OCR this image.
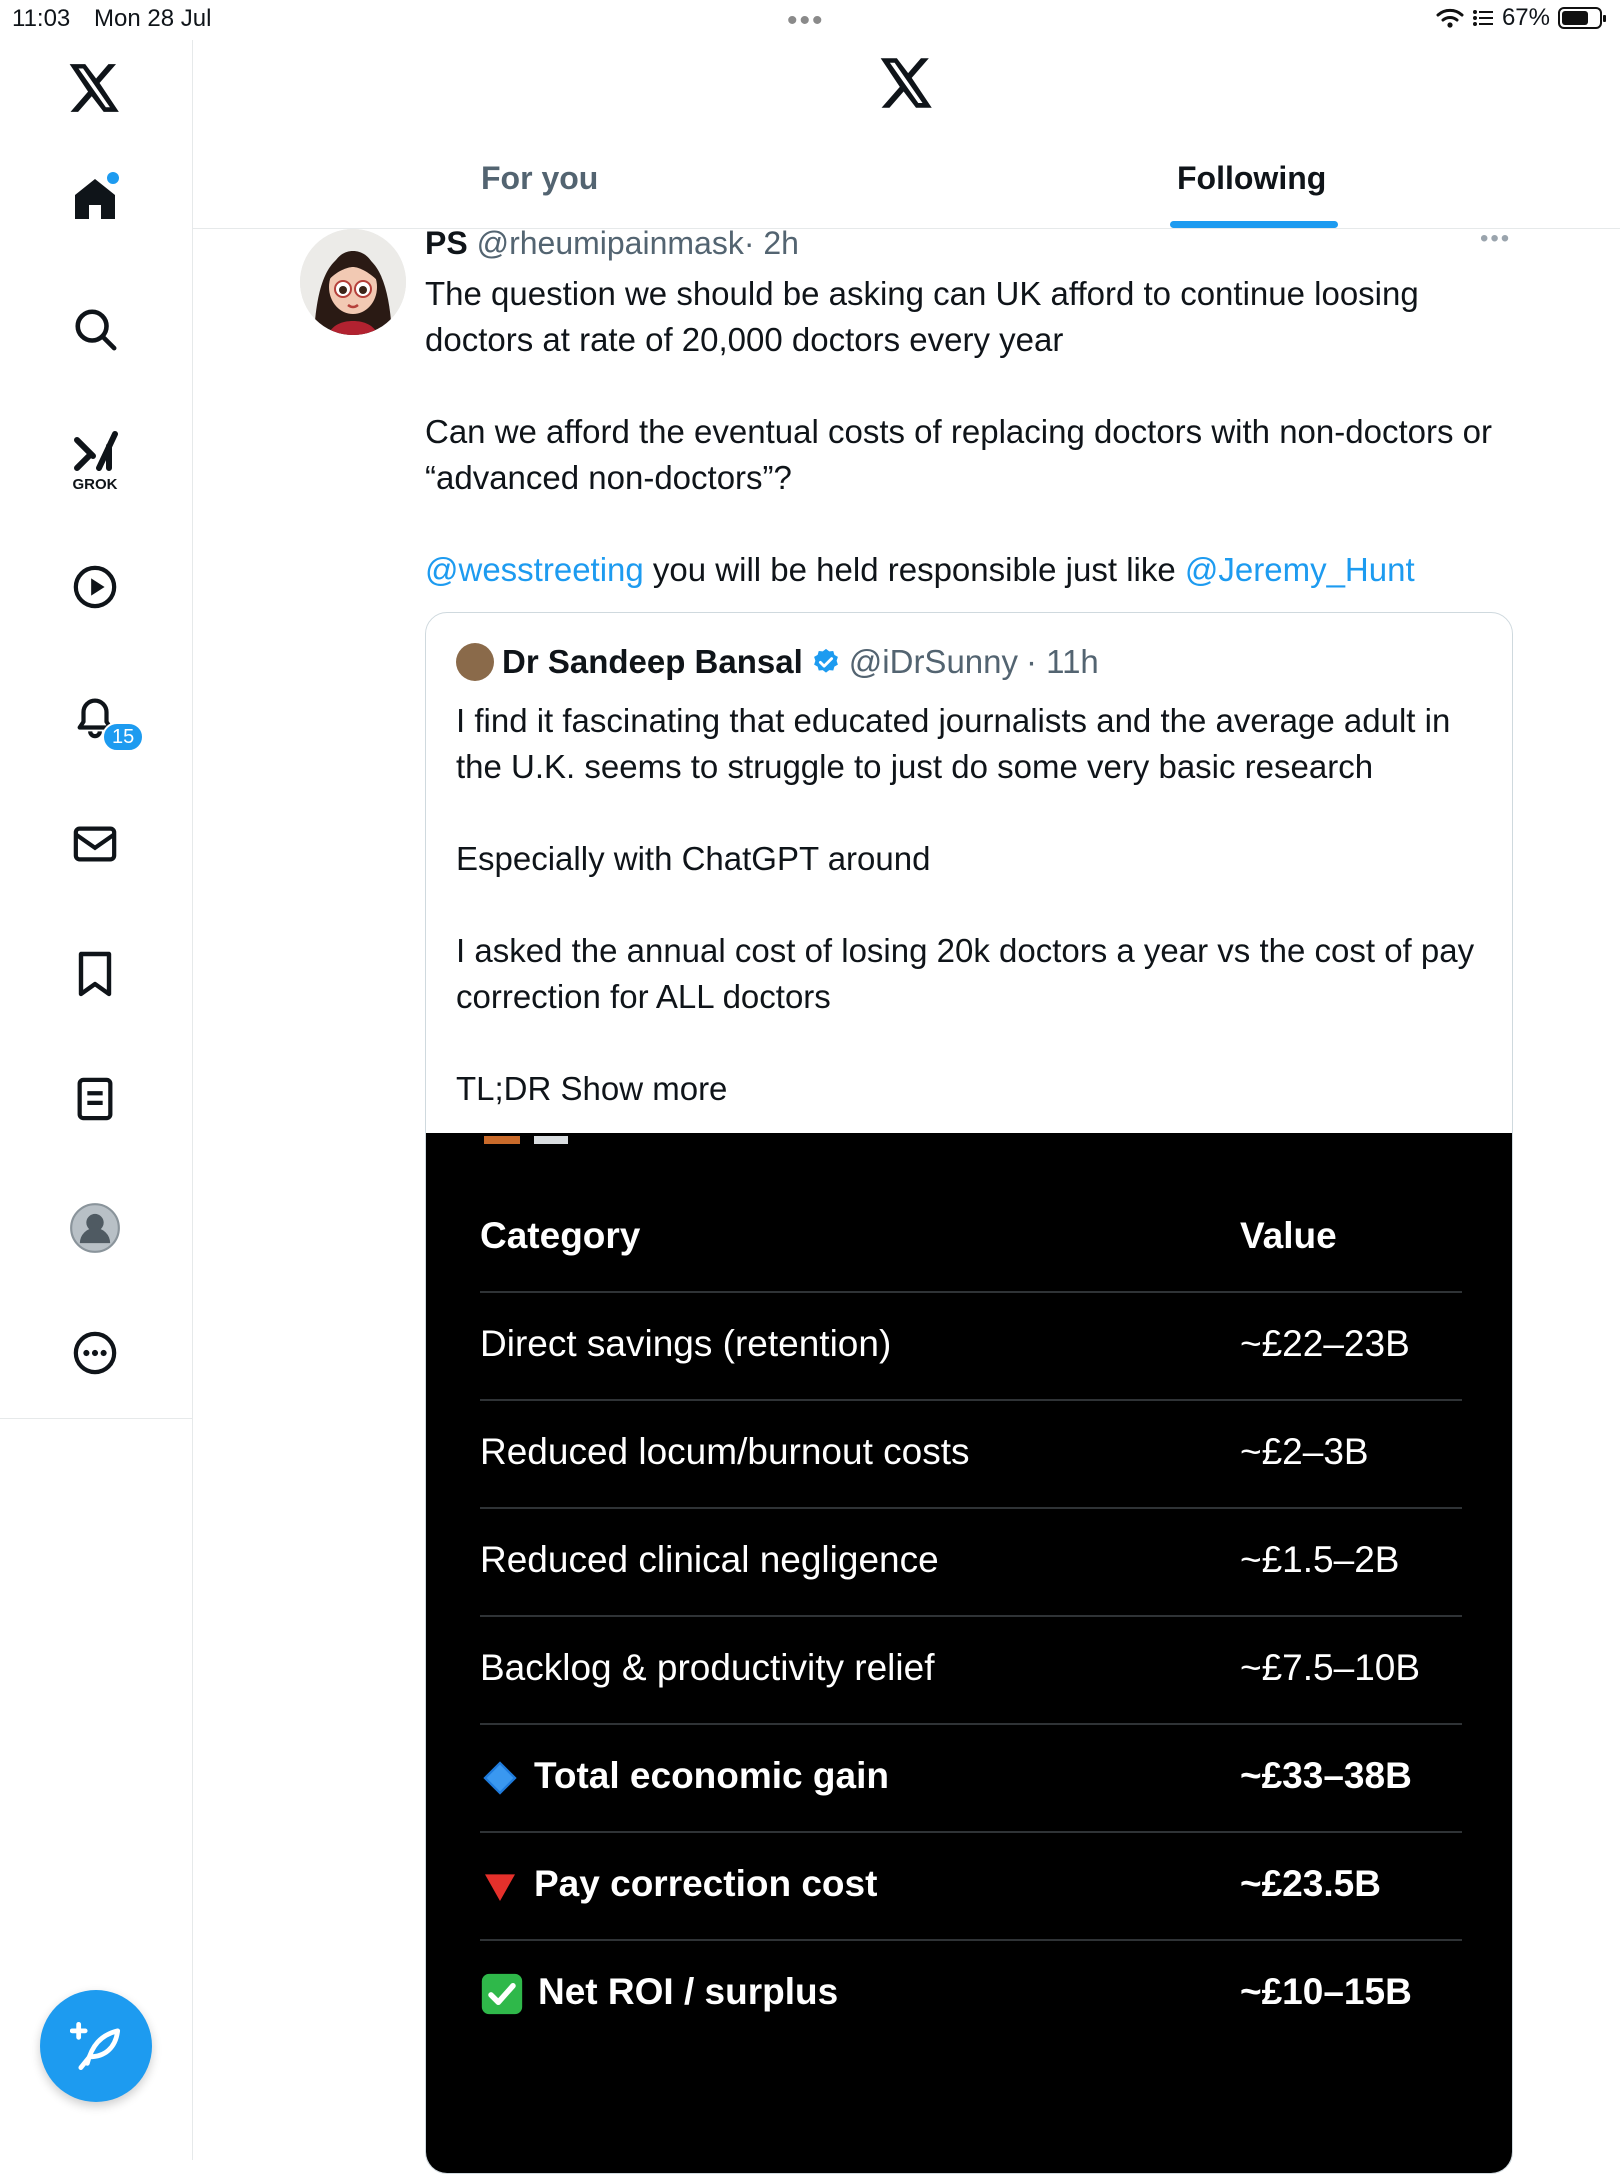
11:03 Mon 28 Jul	•••	67%
GROK
15
For you	Following
PS @rheumipainmask· 2h	•••

The question we should be asking can UK afford to continue loosing doctors at rate of 20,000 doctors every year

Can we afford the eventual costs of replacing doctors with non-doctors or “advanced non-doctors”?

@wesstreeting you will be held responsible just like @Jeremy_Hunt

Dr Sandeep Bansal @iDrSunny · 11h

I find it fascinating that educated journalists and the average adult in the U.K. seems to struggle to just do some very basic research

Especially with ChatGPT around

I asked the annual cost of losing 20k doctors a year vs the cost of pay correction for ALL doctors

TL;DR Show more

Category	Value
Direct savings (retention)	~£22–23B
Reduced locum/burnout costs	~£2–3B
Reduced clinical negligence	~£1.5–2B
Backlog & productivity relief	~£7.5–10B
Total economic gain	~£33–38B
Pay correction cost	~£23.5B
Net ROI / surplus	~£10–15B
